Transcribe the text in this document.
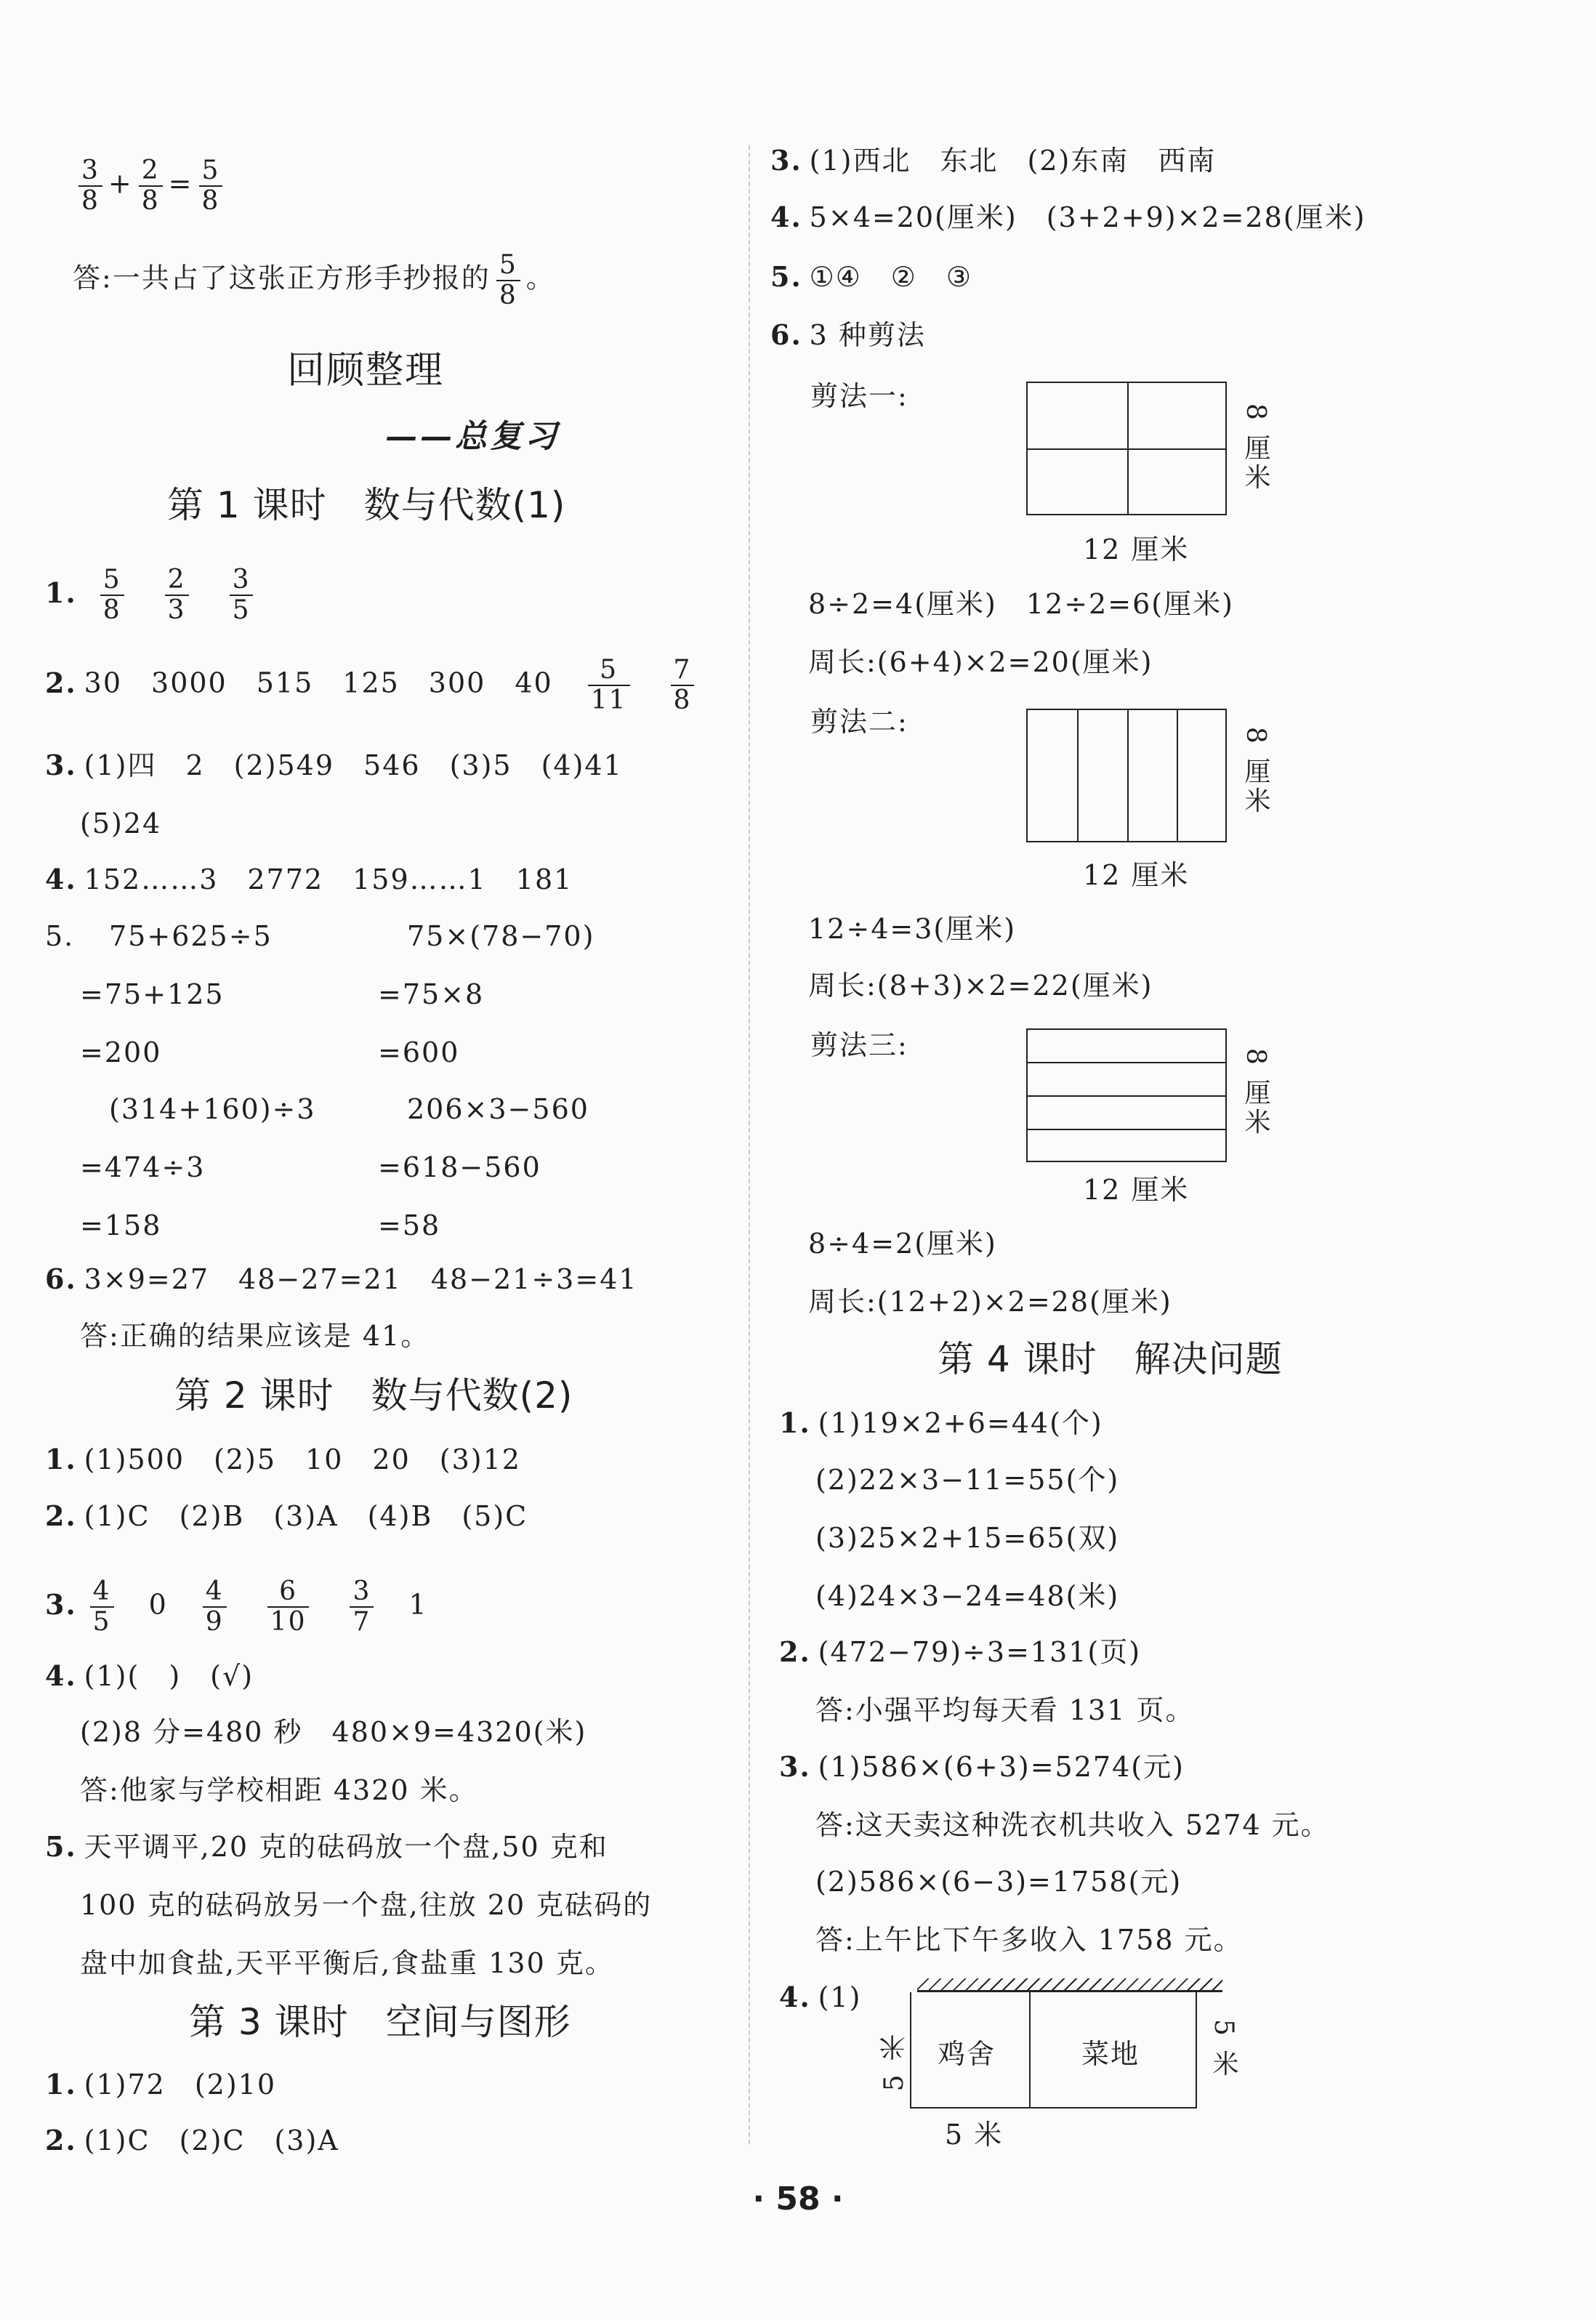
$\frac{3}{8} + \frac{2}{8} = \frac{5}{8}$
答:一共占了这张正方形手抄报的 $\frac{5}{8}$ 。
回顾整理
——总复习
第 1 课时　数与代数(1)
1. $\frac{5}{8} \frac{2}{3} \frac{3}{5}$
2. 30　3000　515　125　300　$40 \frac{5}{11} \frac{7}{8}$
3. (1)四　2　(2)549　546　(3)5　(4)41
(5)24
4. 152……3　2772　159……1　181
5. 75+625÷5
=75+125
=200
75×(78−70)
=75×8
=600
(314+160)÷3
=474÷3
=158
206×3−560
=618−560
=58
6. 3×9=27　48−27=21　48−21÷3=41
答:正确的结果应该是 41。
第 2 课时　数与代数(2)
1. (1)500　(2)5　10　20　(3)12
2. (1)C　(2)B　(3)A　(4)B　(5)C
3. $\frac{4}{5} 0 \frac{4}{9} \frac{6}{10} \frac{3}{7} 1$
4. (1)(　)　(√)
(2)8 分=480 秒　480×9=4320(米)
答:他家与学校相距 4320 米。
5. 天平调平,20 克的砝码放一个盘,50 克和
100 克的砝码放另一个盘,往放 20 克砝码的
盘中加食盐,天平平衡后,食盐重 130 克。
第 3 课时　空间与图形
1. (1)72　(2)10
2. (1)C　(2)C　(3)A
3. (1)西北　东北　(2)东南　西南
4. 5×4=20(厘米)　(3+2+9)×2=28(厘米)
5. ①④　②　③
6. 3 种剪法
剪法一:
8 厘米
12 厘米
8÷2=4(厘米)　12÷2=6(厘米)
周长:(6+4)×2=20(厘米)
剪法二:
8 厘米
12 厘米
12÷4=3(厘米)
周长:(8+3)×2=22(厘米)
剪法三:
8 厘米
12 厘米
8÷4=2(厘米)
周长:(12+2)×2=28(厘米)
第 4 课时　解决问题
1. (1)19×2+6=44(个)
(2)22×3−11=55(个)
(3)25×2+15=65(双)
(4)24×3−24=48(米)
2. (472−79)÷3=131(页)
答:小强平均每天看 131 页。
3. (1)586×(6+3)=5274(元)
答:这天卖这种洗衣机共收入 5274 元。
(2)586×(6−3)=1758(元)
答:上午比下午多收入 1758 元。
4. (1)
鸡舍	菜地
5 米	5 米
5 米
· 58 ·
